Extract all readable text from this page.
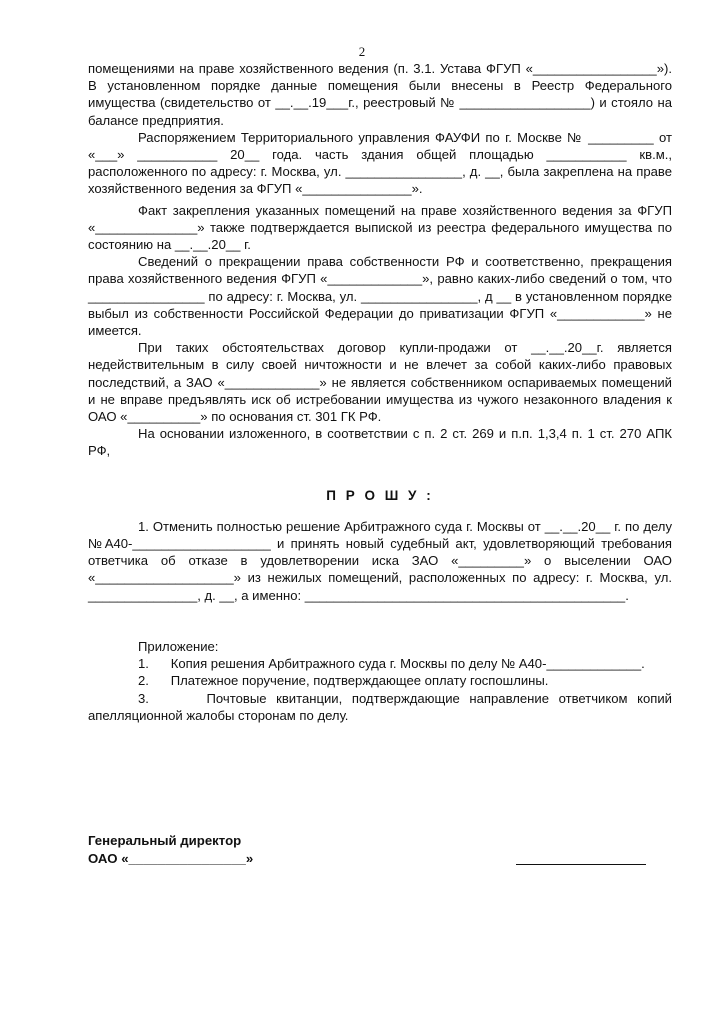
2

помещениями на праве хозяйственного ведения (п. 3.1. Устава ФГУП «_________________»). В установленном порядке данные помещения были внесены в Реестр Федерального имущества (свидетельство от __.__.19___г., реестровый № __________________) и стояло на балансе предприятия.

Распоряжением Территориального управления ФАУФИ по г. Москве № _________ от «___» ___________ 20__ года. часть здания общей площадью ___________ кв.м., расположенного по адресу: г. Москва, ул. ________________, д. __, была закреплена на праве хозяйственного ведения за ФГУП «_______________».

Факт закрепления указанных помещений на праве хозяйственного ведения за ФГУП «______________» также подтверждается выпиской из реестра федерального имущества по состоянию на __.__.20__ г.

Сведений о прекращении права собственности РФ и соответственно, прекращения права хозяйственного ведения ФГУП «_____________», равно каких-либо сведений о том, что ________________ по адресу: г. Москва, ул. ________________, д __ в установленном порядке выбыл из собственности Российской Федерации до приватизации ФГУП «____________» не имеется.

При таких обстоятельствах договор купли-продажи от __.__.20__г. является недействительным в силу своей ничтожности и не влечет за собой каких-либо правовых последствий, а ЗАО «_____________» не является собственником оспариваемых помещений и не вправе предъявлять иск об истребовании имущества из чужого незаконного владения к ОАО «__________» по основания ст. 301 ГК РФ.

На основании изложенного, в соответствии с п. 2 ст. 269 и п.п. 1,3,4 п. 1 ст. 270 АПК РФ,

П Р О Ш У :

1. Отменить полностью решение Арбитражного суда г. Москвы от __.__.20__ г. по делу №А40-___________________ и принять новый судебный акт, удовлетворяющий требования ответчика об отказе в удовлетворении иска ЗАО «_________» о выселении ОАО «___________________» из нежилых помещений, расположенных по адресу: г. Москва, ул. _______________, д. __, а именно: ____________________________________________.

Приложение:

1. Копия решения Арбитражного суда г. Москвы по делу № А40-_____________.

2. Платежное поручение, подтверждающее оплату госпошлины.

3.	Почтовые квитанции, подтверждающие направление ответчиком копий апелляционной жалобы сторонам по делу.

Генеральный директор
ОАО «________________»
